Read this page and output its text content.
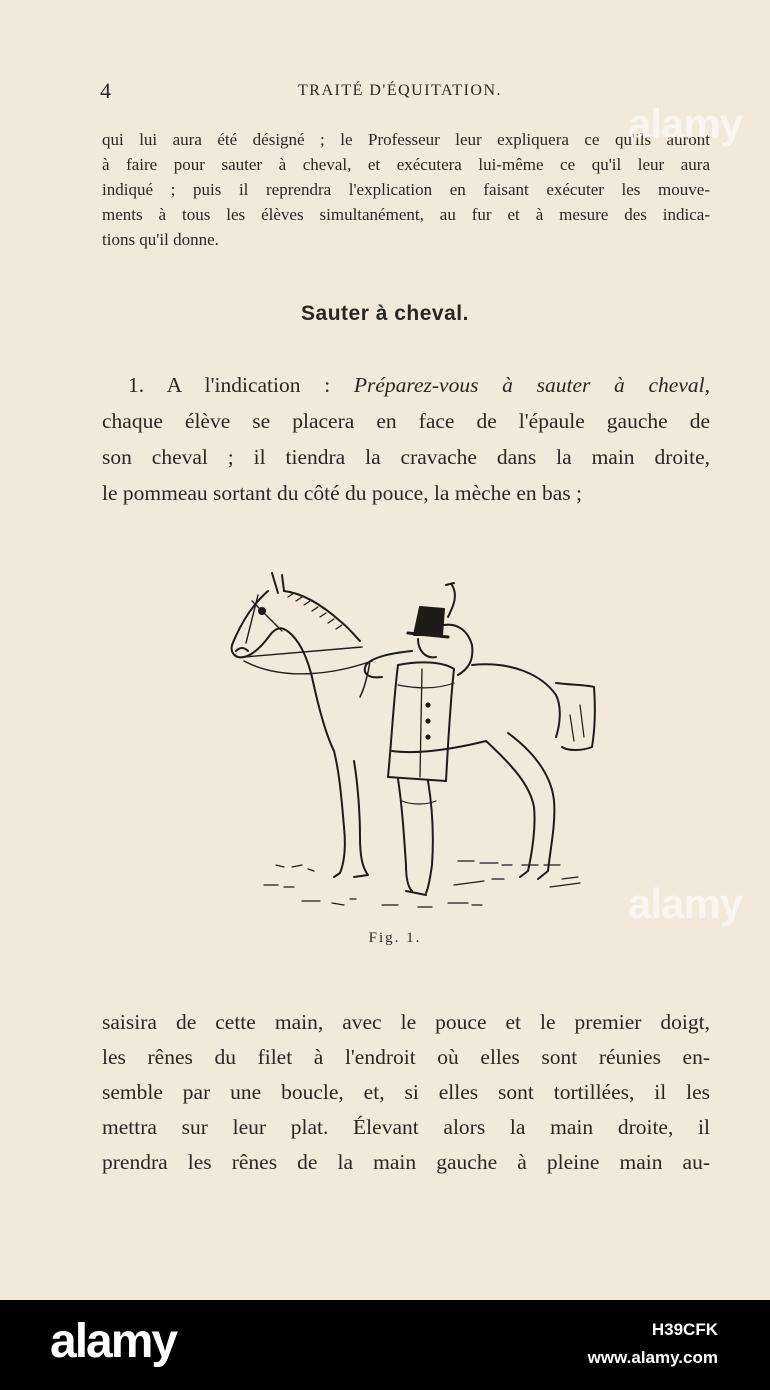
4	TRAITÉ D'ÉQUITATION.
qui lui aura été désigné ; le Professeur leur expliquera ce qu'ils auront
à faire pour sauter à cheval, et exécutera lui-même ce qu'il leur aura
indiqué ; puis il reprendra l'explication en faisant exécuter les mouve-
ments à tous les élèves simultanément, au fur et à mesure des indica-
tions qu'il donne.
Sauter à cheval.
1. A l'indication : Préparez-vous à sauter à cheval,
chaque élève se placera en face de l'épaule gauche de
son cheval ; il tiendra la cravache dans la main droite,
le pommeau sortant du côté du pouce, la mèche en bas ;
Fig. 1.
saisira de cette main, avec le pouce et le premier doigt,
les rênes du filet à l'endroit où elles sont réunies en-
semble par une boucle, et, si elles sont tortillées, il les
mettra sur leur plat. Élevant alors la main droite, il
prendra les rênes de la main gauche à pleine main au-
alamy
alamy
alamy	H39CFK
www.alamy.com
